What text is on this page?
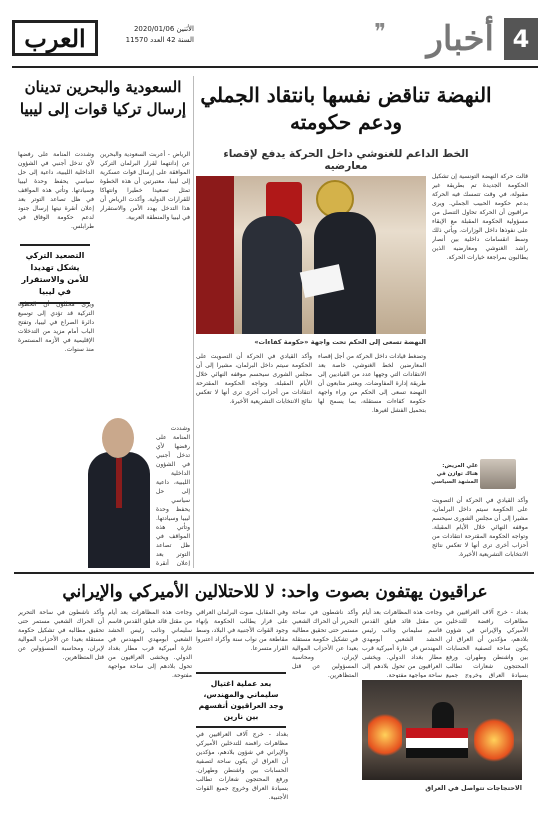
4
أخبار
❞
العرب	الأثنين 2020/01/06
السنة 42 العدد 11570
النهضة تناقض نفسها بانتقاد الجملي ودعم حكومته
الخط الداعم للغنوشي داخل الحركة يدفع لإقصاء معارضيه
قالت حركة النهضة التونسية إن تشكيل الحكومة الجديدة تم بطريقة غير مقبولة، في وقت تتمسك فيه الحركة بدعم حكومة الحبيب الجملي. ويرى مراقبون أن الحركة تحاول التنصل من مسؤولية الحكومة المقبلة مع الإبقاء على نفوذها داخل الوزارات. ويأتي ذلك وسط انقسامات داخلية بين أنصار راشد الغنوشي ومعارضيه الذين يطالبون بمراجعة خيارات الحركة.
النهضة تسعى إلى الحكم تحت واجهة «حكومة كفاءات»
وتضغط قيادات داخل الحركة من أجل إقصاء المعارضين لخط الغنوشي، خاصة بعد الانتقادات التي وجهها عدد من القياديين إلى طريقة إدارة المفاوضات. ويعتبر متابعون أن النهضة تسعى إلى الحكم من وراء واجهة حكومة كفاءات مستقلة، بما يسمح لها بتحميل الفشل لغيرها.
وأكد القيادي في الحركة أن التصويت على الحكومة سيتم داخل البرلمان، مشيرا إلى أن مجلس الشورى سيحسم موقفه النهائي خلال الأيام المقبلة. وتواجه الحكومة المقترحة انتقادات من أحزاب أخرى ترى أنها لا تعكس نتائج الانتخابات التشريعية الأخيرة.
علي العريض: هناك توازن في المشهد السياسي
وأكد القيادي في الحركة أن التصويت على الحكومة سيتم داخل البرلمان، مشيرا إلى أن مجلس الشورى سيحسم موقفه النهائي خلال الأيام المقبلة. وتواجه الحكومة المقترحة انتقادات من أحزاب أخرى ترى أنها لا تعكس نتائج الانتخابات التشريعية الأخيرة.
السعودية والبحرين تدينان إرسال تركيا قوات إلى ليبيا
الرياض - أعربت السعودية والبحرين عن إدانتهما لقرار البرلمان التركي الموافقة على إرسال قوات عسكرية إلى ليبيا، معتبرتين أن هذه الخطوة تمثل تصعيدا خطيرا وانتهاكا للقرارات الدولية. وأكدت الرياض أن هذا التدخل يهدد الأمن والاستقرار في ليبيا والمنطقة العربية.
وشددت المنامة على رفضها لأي تدخل أجنبي في الشؤون الداخلية الليبية، داعية إلى حل سياسي يحفظ وحدة ليبيا وسيادتها. وتأتي هذه المواقف في ظل تصاعد التوتر بعد إعلان أنقرة نيتها إرسال جنود لدعم حكومة الوفاق في طرابلس.
التصعيد التركي يشكل تهديدا للأمن والاستقرار في ليبيا
ويرى محللون أن الخطوة التركية قد تؤدي إلى توسيع دائرة الصراع في ليبيا، وتفتح الباب أمام مزيد من التدخلات الإقليمية في الأزمة المستمرة منذ سنوات.
وشددت المنامة على رفضها لأي تدخل أجنبي في الشؤون الداخلية الليبية، داعية إلى حل سياسي يحفظ وحدة ليبيا وسيادتها. وتأتي هذه المواقف في ظل تصاعد التوتر بعد إعلان أنقرة
عراقيون يهتفون بصوت واحد: لا للاحتلالين الأميركي والإيراني
بغداد - خرج آلاف العراقيين في مظاهرات رافضة للتدخلين الأميركي والإيراني في شؤون بلادهم، مؤكدين أن العراق لن يكون ساحة لتصفية الحسابات بين واشنطن وطهران. ورفع المحتجون شعارات تطالب بسيادة العراق وخروج جميع
وجاءت هذه المظاهرات بعد أيام من مقتل قائد فيلق القدس قاسم سليماني ونائب رئيس الحشد الشعبي أبومهدي المهندس في غارة أميركية قرب مطار بغداد الدولي. ويخشى العراقيون من تحول بلادهم إلى ساحة مواجهة مفتوحة.
وأكد ناشطون في ساحة التحرير أن الحراك الشعبي مستمر حتى تحقيق مطالبه في تشكيل حكومة مستقلة بعيدا عن الأحزاب الموالية لإيران، ومحاسبة المسؤولين عن قتل المتظاهرين.
وفي المقابل، صوت البرلمان العراقي على قرار يطالب الحكومة بإنهاء وجود القوات الأجنبية في البلاد، وسط مقاطعة من نواب سنة وأكراد اعتبروا القرار متسرعا.
بعد عملية اغتيال سليماني والمهندس، وجد العراقيون أنفسهم بين نارين
بغداد - خرج آلاف العراقيين في مظاهرات رافضة للتدخلين الأميركي والإيراني في شؤون بلادهم، مؤكدين أن العراق لن يكون ساحة لتصفية الحسابات بين واشنطن وطهران. ورفع المحتجون شعارات تطالب بسيادة العراق وخروج جميع القوات الأجنبية.
وجاءت هذه المظاهرات بعد أيام من مقتل قائد فيلق القدس قاسم سليماني ونائب رئيس الحشد الشعبي أبومهدي المهندس في غارة أميركية قرب مطار بغداد الدولي. ويخشى العراقيون من تحول بلادهم إلى ساحة مواجهة مفتوحة.
وأكد ناشطون في ساحة التحرير أن الحراك الشعبي مستمر حتى تحقيق مطالبه في تشكيل حكومة مستقلة بعيدا عن الأحزاب الموالية لإيران، ومحاسبة المسؤولين عن قتل المتظاهرين.
الاحتجاجات تتواصل في العراق
